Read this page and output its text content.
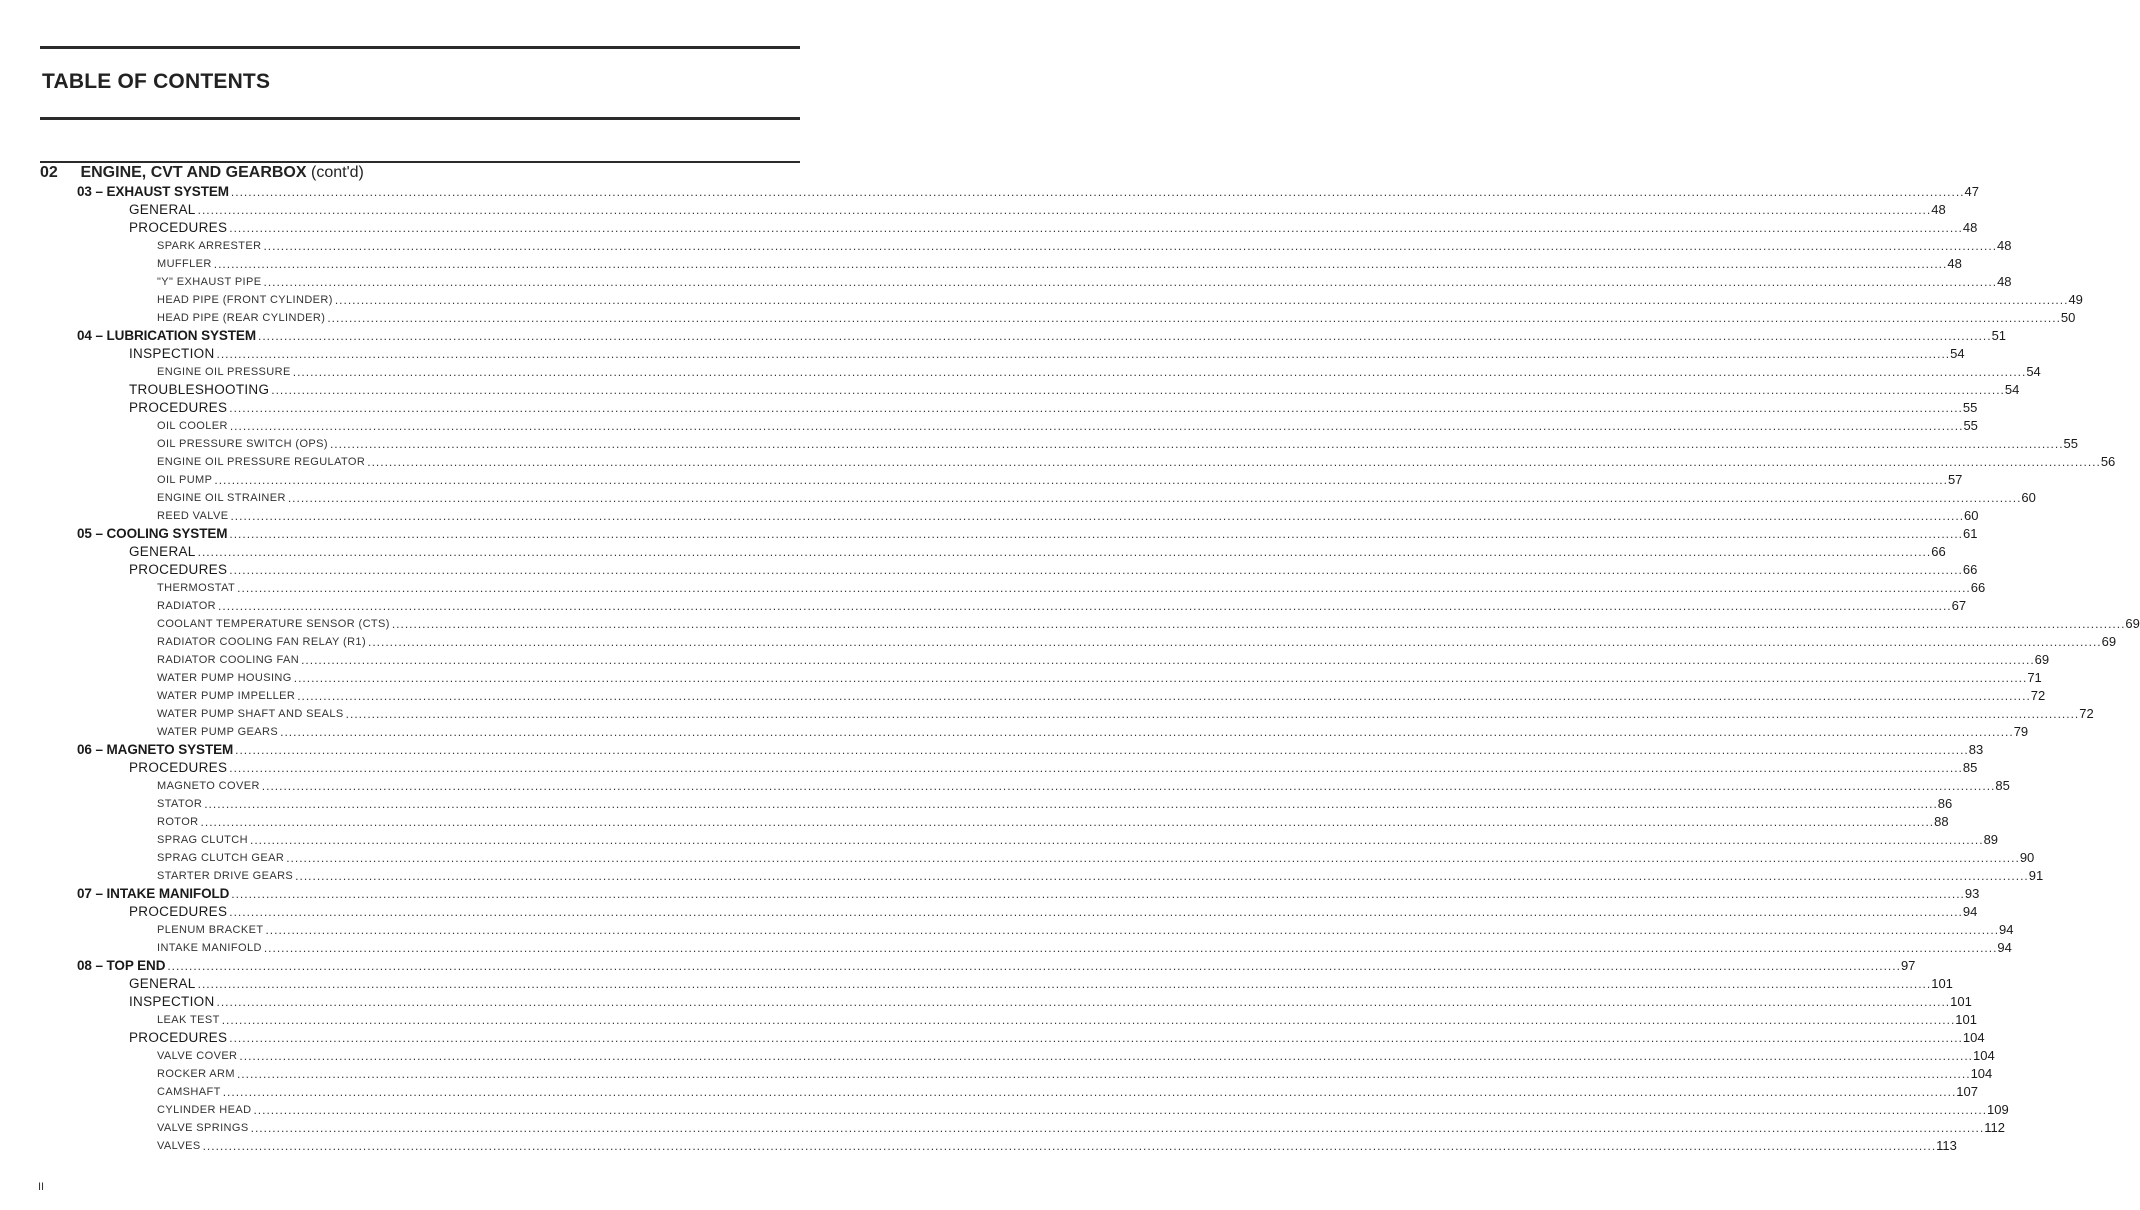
TABLE OF CONTENTS
02 ENGINE, CVT AND GEARBOX (cont'd)
03 – EXHAUST SYSTEM ................................................................................................................................................................................................................................................................................................................................................................................................................ 47
GENERAL ................................................................................................................................................................................................................................................................................................................................................................................................................ 48
PROCEDURES ................................................................................................................................................................................................................................................................................................................................................................................................................ 48
SPARK ARRESTER ................................................................................................................................................................................................................................................................................................................................................................................................................ 48
MUFFLER ................................................................................................................................................................................................................................................................................................................................................................................................................ 48
"Y" EXHAUST PIPE ................................................................................................................................................................................................................................................................................................................................................................................................................ 48
HEAD PIPE (FRONT CYLINDER) ................................................................................................................................................................................................................................................................................................................................................................................................................ 49
HEAD PIPE (REAR CYLINDER) ................................................................................................................................................................................................................................................................................................................................................................................................................ 50
04 – LUBRICATION SYSTEM ................................................................................................................................................................................................................................................................................................................................................................................................................ 51
INSPECTION ................................................................................................................................................................................................................................................................................................................................................................................................................ 54
ENGINE OIL PRESSURE ................................................................................................................................................................................................................................................................................................................................................................................................................ 54
TROUBLESHOOTING ................................................................................................................................................................................................................................................................................................................................................................................................................ 54
PROCEDURES ................................................................................................................................................................................................................................................................................................................................................................................................................ 55
OIL COOLER ................................................................................................................................................................................................................................................................................................................................................................................................................ 55
OIL PRESSURE SWITCH (OPS) ................................................................................................................................................................................................................................................................................................................................................................................................................ 55
ENGINE OIL PRESSURE REGULATOR ................................................................................................................................................................................................................................................................................................................................................................................................................ 56
OIL PUMP ................................................................................................................................................................................................................................................................................................................................................................................................................ 57
ENGINE OIL STRAINER ................................................................................................................................................................................................................................................................................................................................................................................................................ 60
REED VALVE ................................................................................................................................................................................................................................................................................................................................................................................................................ 60
05 – COOLING SYSTEM ................................................................................................................................................................................................................................................................................................................................................................................................................ 61
GENERAL ................................................................................................................................................................................................................................................................................................................................................................................................................ 66
PROCEDURES ................................................................................................................................................................................................................................................................................................................................................................................................................ 66
THERMOSTAT ................................................................................................................................................................................................................................................................................................................................................................................................................ 66
RADIATOR ................................................................................................................................................................................................................................................................................................................................................................................................................ 67
COOLANT TEMPERATURE SENSOR (CTS) ................................................................................................................................................................................................................................................................................................................................................................................................................ 69
RADIATOR COOLING FAN RELAY (R1) ................................................................................................................................................................................................................................................................................................................................................................................................................ 69
RADIATOR COOLING FAN ................................................................................................................................................................................................................................................................................................................................................................................................................ 69
WATER PUMP HOUSING ................................................................................................................................................................................................................................................................................................................................................................................................................ 71
WATER PUMP IMPELLER ................................................................................................................................................................................................................................................................................................................................................................................................................ 72
WATER PUMP SHAFT AND SEALS ................................................................................................................................................................................................................................................................................................................................................................................................................ 72
WATER PUMP GEARS ................................................................................................................................................................................................................................................................................................................................................................................................................ 79
06 – MAGNETO SYSTEM ................................................................................................................................................................................................................................................................................................................................................................................................................ 83
PROCEDURES ................................................................................................................................................................................................................................................................................................................................................................................................................ 85
MAGNETO COVER ................................................................................................................................................................................................................................................................................................................................................................................................................ 85
STATOR ................................................................................................................................................................................................................................................................................................................................................................................................................ 86
ROTOR ................................................................................................................................................................................................................................................................................................................................................................................................................ 88
SPRAG CLUTCH ................................................................................................................................................................................................................................................................................................................................................................................................................ 89
SPRAG CLUTCH GEAR ................................................................................................................................................................................................................................................................................................................................................................................................................ 90
STARTER DRIVE GEARS ................................................................................................................................................................................................................................................................................................................................................................................................................ 91
07 – INTAKE MANIFOLD ................................................................................................................................................................................................................................................................................................................................................................................................................ 93
PROCEDURES ................................................................................................................................................................................................................................................................................................................................................................................................................ 94
PLENUM BRACKET ................................................................................................................................................................................................................................................................................................................................................................................................................ 94
INTAKE MANIFOLD ................................................................................................................................................................................................................................................................................................................................................................................................................ 94
08 – TOP END ................................................................................................................................................................................................................................................................................................................................................................................................................ 97
GENERAL ................................................................................................................................................................................................................................................................................................................................................................................................................ 101
INSPECTION ................................................................................................................................................................................................................................................................................................................................................................................................................ 101
LEAK TEST ................................................................................................................................................................................................................................................................................................................................................................................................................ 101
PROCEDURES ................................................................................................................................................................................................................................................................................................................................................................................................................ 104
VALVE COVER ................................................................................................................................................................................................................................................................................................................................................................................................................ 104
ROCKER ARM ................................................................................................................................................................................................................................................................................................................................................................................................................ 104
CAMSHAFT ................................................................................................................................................................................................................................................................................................................................................................................................................ 107
CYLINDER HEAD ................................................................................................................................................................................................................................................................................................................................................................................................................ 109
VALVE SPRINGS ................................................................................................................................................................................................................................................................................................................................................................................................................ 112
VALVES ................................................................................................................................................................................................................................................................................................................................................................................................................ 113
II
